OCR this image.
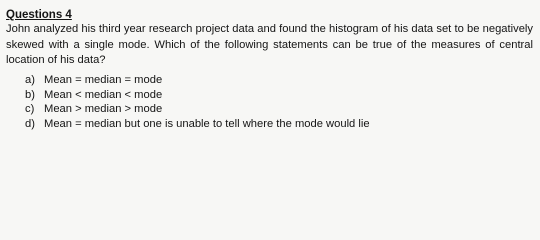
Questions 4
John analyzed his third year research project data and found the histogram of his data set to be negatively skewed with a single mode. Which of the following statements can be true of the measures of central location of his data?
a) Mean = median = mode
b) Mean < median < mode
c) Mean > median > mode
d) Mean = median but one is unable to tell where the mode would lie
